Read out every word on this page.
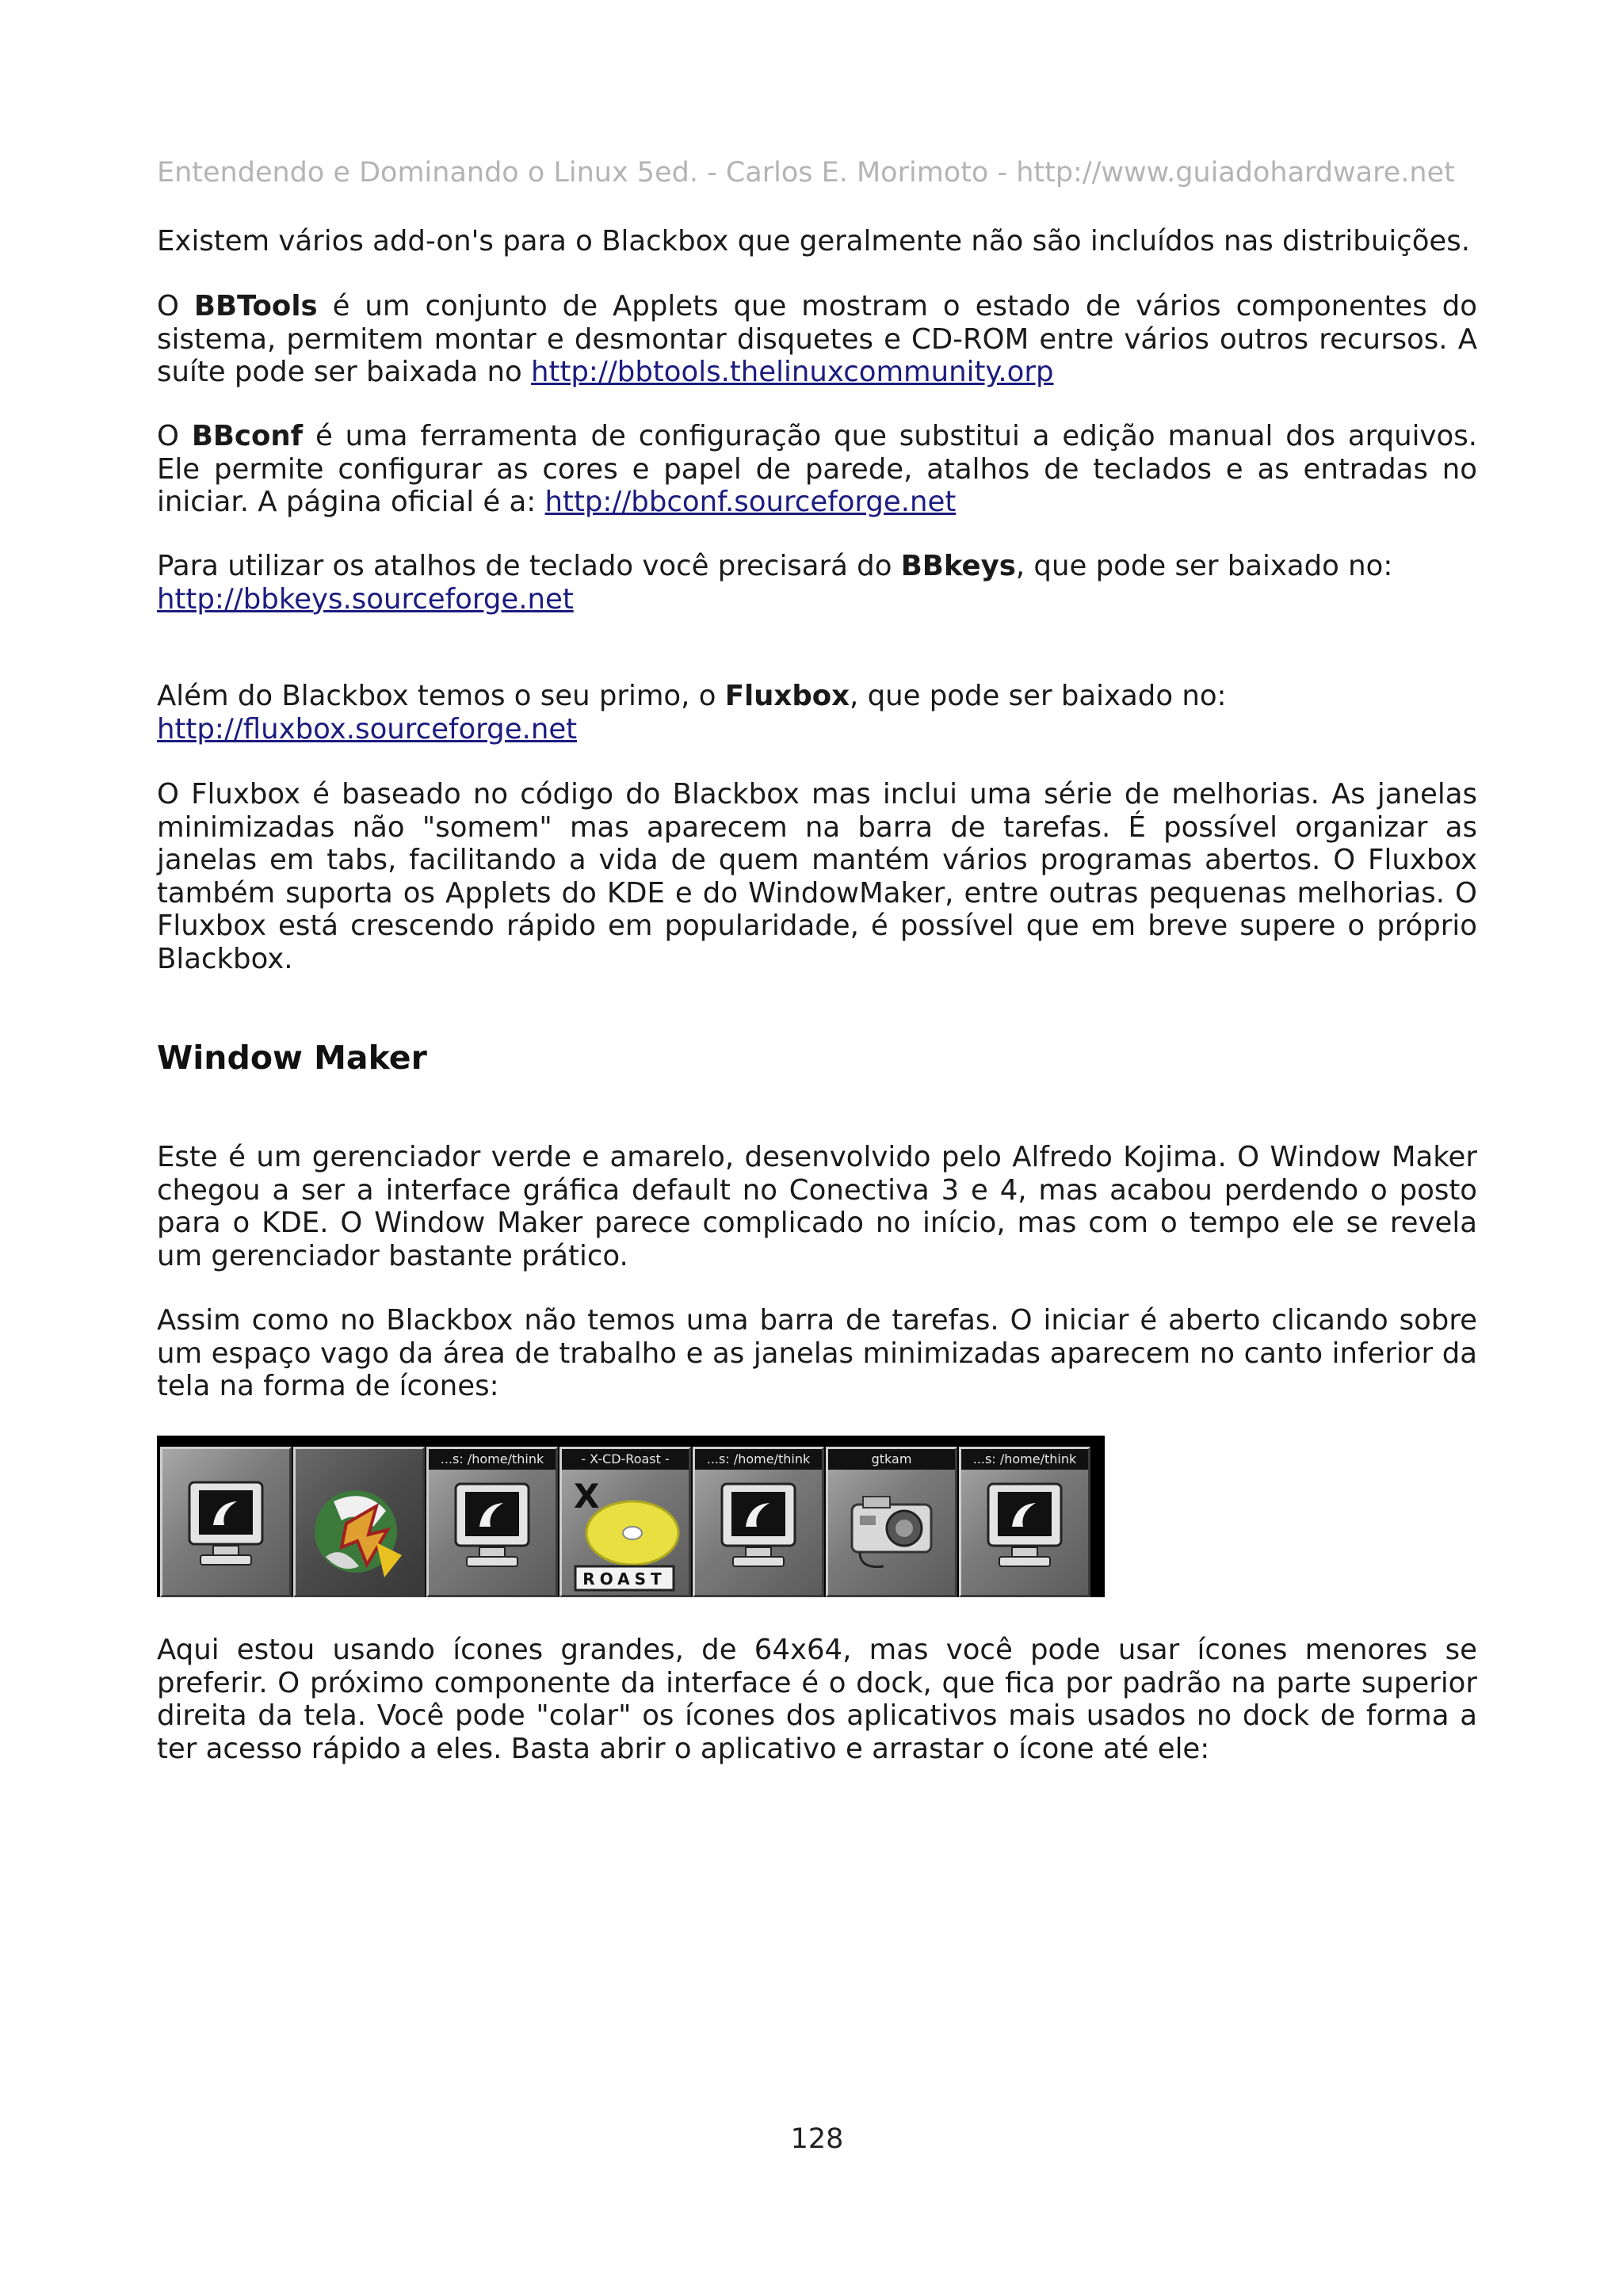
Entendendo e Dominando o Linux 5ed. - Carlos E. Morimoto - http://www.guiadohardware.net

Existem vários add-on's para o Blackbox que geralmente não são incluídos nas distribuições.

O BBTools é um conjunto de Applets que mostram o estado de vários componentes do sistema, permitem montar e desmontar disquetes e CD-ROM entre vários outros recursos. A suíte pode ser baixada no http://bbtools.thelinuxcommunity.orp

O BBconf é uma ferramenta de configuração que substitui a edição manual dos arquivos. Ele permite configurar as cores e papel de parede, atalhos de teclados e as entradas no iniciar. A página oficial é a: http://bbconf.sourceforge.net

Para utilizar os atalhos de teclado você precisará do BBkeys, que pode ser baixado no:
http://bbkeys.sourceforge.net

Além do Blackbox temos o seu primo, o Fluxbox, que pode ser baixado no:
http://fluxbox.sourceforge.net

O Fluxbox é baseado no código do Blackbox mas inclui uma série de melhorias. As janelas minimizadas não "somem" mas aparecem na barra de tarefas. É possível organizar as janelas em tabs, facilitando a vida de quem mantém vários programas abertos. O Fluxbox também suporta os Applets do KDE e do WindowMaker, entre outras pequenas melhorias. O Fluxbox está crescendo rápido em popularidade, é possível que em breve supere o próprio Blackbox.

Window Maker

Este é um gerenciador verde e amarelo, desenvolvido pelo Alfredo Kojima. O Window Maker chegou a ser a interface gráfica default no Conectiva 3 e 4, mas acabou perdendo o posto para o KDE. O Window Maker parece complicado no início, mas com o tempo ele se revela um gerenciador bastante prático.

Assim como no Blackbox não temos uma barra de tarefas. O iniciar é aberto clicando sobre um espaço vago da área de trabalho e as janelas minimizadas aparecem no canto inferior da tela na forma de ícones:

...s: /home/think	- X-CD-Roast -
X
ROAST
...s: /home/think	gtkam	...s: /home/think

Aqui estou usando ícones grandes, de 64x64, mas você pode usar ícones menores se preferir. O próximo componente da interface é o dock, que fica por padrão na parte superior direita da tela. Você pode "colar" os ícones dos aplicativos mais usados no dock de forma a ter acesso rápido a eles. Basta abrir o aplicativo e arrastar o ícone até ele:

128
